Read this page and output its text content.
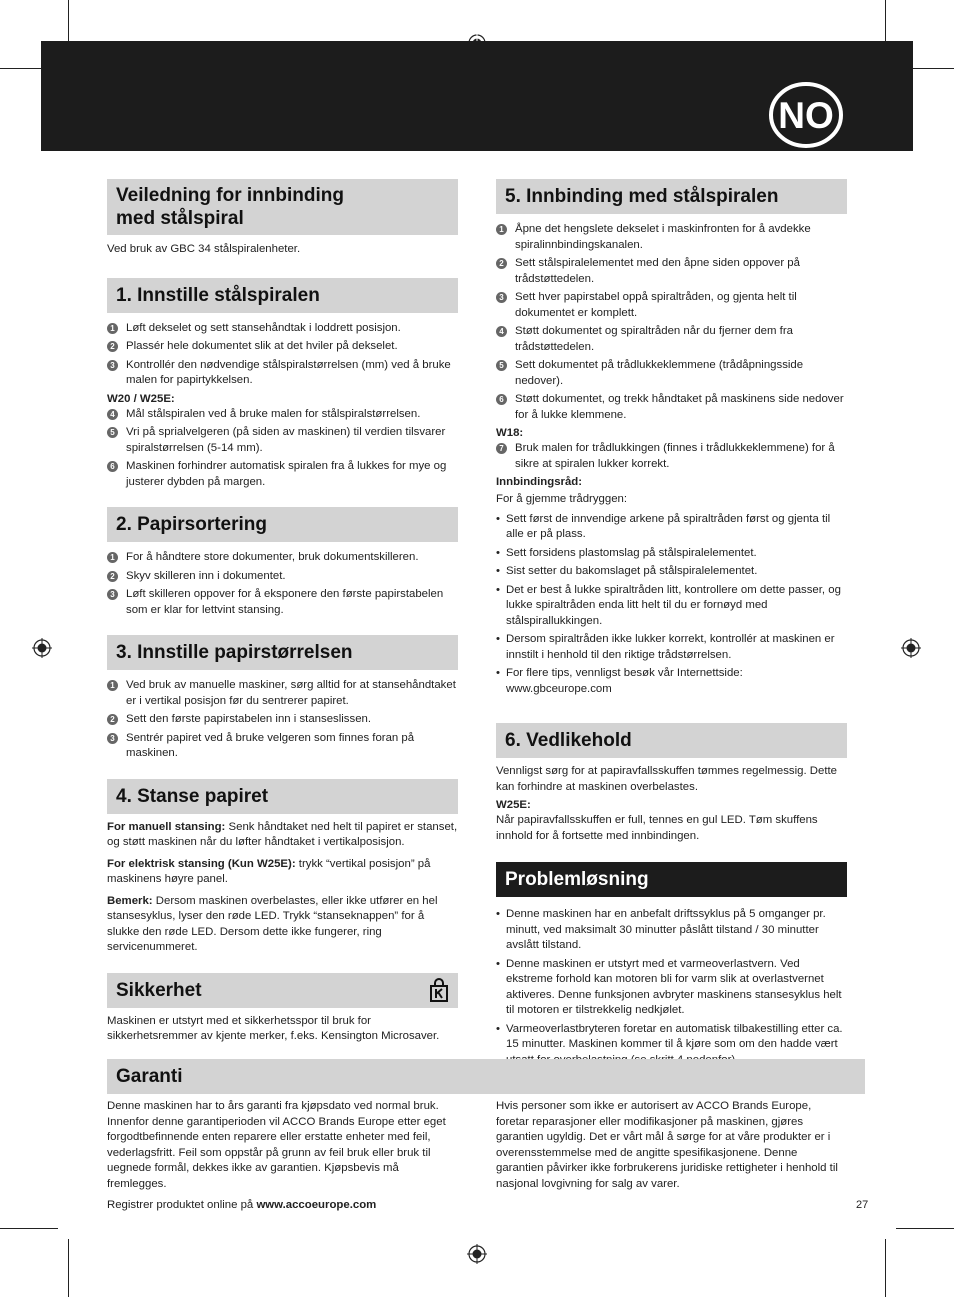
NO
Veiledning for innbinding
med stålspiral

Ved bruk av GBC 34 stålspiralenheter.

1. Innstille stålspiralen
1 Løft dekselet og sett stansehåndtak i loddrett posisjon.
2 Plassér hele dokumentet slik at det hviler på dekselet.
3 Kontrollér den nødvendige stålspiralstørrelsen (mm) ved å bruke malen for papirtykkelsen.
W20 / W25E:
4 Mål stålspiralen ved å bruke malen for stålspiralstørrelsen.
5 Vri på sprialvelgeren (på siden av maskinen) til verdien tilsvarer spiralstørrelsen (5-14 mm).
6 Maskinen forhindrer automatisk spiralen fra å lukkes for mye og justerer dybden på margen.
2. Papirsortering
1 For å håndtere store dokumenter, bruk dokumentskilleren.
2 Skyv skilleren inn i dokumentet.
3 Løft skilleren oppover for å eksponere den første papirstabelen som er klar for lettvint stansing.
3. Innstille papirstørrelsen
1 Ved bruk av manuelle maskiner, sørg alltid for at stansehåndtaket er i vertikal posisjon før du sentrerer papiret.
2 Sett den første papirstabelen inn i stanseslissen.
3 Sentrér papiret ved å bruke velgeren som finnes foran på maskinen.
4. Stanse papiret

For manuell stansing: Senk håndtaket ned helt til papiret er stanset, og støtt maskinen når du løfter håndtaket i vertikalposisjon.

For elektrisk stansing (Kun W25E): trykk “vertikal posisjon” på maskinens høyre panel.

Bemerk: Dersom maskinen overbelastes, eller ikke utfører en hel stansesyklus, lyser den røde LED. Trykk “stanseknappen” for å slukke den røde LED. Dersom dette ikke fungerer, ring servicenummeret.

Sikkerhet

Maskinen er utstyrt med et sikkerhetsspor til bruk for sikkerhetsremmer av kjente merker, f.eks. Kensington Microsaver.

5. Innbinding med stålspiralen
1 Åpne det hengslete dekselet i maskinfronten for å avdekke spiralinnbindingskanalen.
2 Sett stålspiralelementet med den åpne siden oppover på trådstøttedelen.
3 Sett hver papirstabel oppå spiraltråden, og gjenta helt til dokumentet er komplett.
4 Støtt dokumentet og spiraltråden når du fjerner dem fra trådstøttedelen.
5 Sett dokumentet på trådlukkeklemmene (trådåpningsside nedover).
6 Støtt dokumentet, og trekk håndtaket på maskinens side nedover for å lukke klemmene.
W18:
7 Bruk malen for trådlukkingen (finnes i trådlukkeklemmene) for å sikre at spiralen lukker korrekt.
Innbindingsråd:

For å gjemme trådryggen:

• Sett først de innvendige arkene på spiraltråden først og gjenta til alle er på plass.
• Sett forsidens plastomslag på stålspiralelementet.
• Sist setter du bakomslaget på stålspiralelementet.
• Det er best å lukke spiraltråden litt, kontrollere om dette passer, og lukke spiraltråden enda litt helt til du er fornøyd med stålspirallukkingen.
• Dersom spiraltråden ikke lukker korrekt, kontrollér at maskinen er innstilt i henhold til den riktige trådstørrelsen.
• For flere tips, vennligst besøk vår Internettside: www.gbceurope.com
6. Vedlikehold

Vennligst sørg for at papiravfallsskuffen tømmes regelmessig. Dette kan forhindre at maskinen overbelastes.

W25E:

Når papiravfallsskuffen er full, tennes en gul LED. Tøm skuffens innhold for å fortsette med innbindingen.

Problemløsning
• Denne maskinen har en anbefalt driftssyklus på 5 omganger pr. minutt, ved maksimalt 30 minutter påslått tilstand / 30 minutter avslått tilstand.
• Denne maskinen er utstyrt med et varmeoverlastvern. Ved ekstreme forhold kan motoren bli for varm slik at overlastvernet aktiveres. Denne funksjonen avbryter maskinens stansesyklus helt til motoren er tilstrekkelig nedkjølet.
• Varmeoverlastbryteren foretar en automatisk tilbakestilling etter ca. 15 minutter. Maskinen kommer til å kjøre som om den hadde vært
Garanti

Denne maskinen har to års garanti fra kjøpsdato ved normal bruk. Innenfor denne garantiperioden vil ACCO Brands Europe etter eget forgodtbefinnende enten reparere eller erstatte enheter med feil, vederlagsfritt. Feil som oppstår på grunn av feil bruk eller bruk til uegnede formål, dekkes ikke av garantien. Kjøpsbevis må fremlegges.

Registrer produktet online på www.accoeurope.com

Hvis personer som ikke er autorisert av ACCO Brands Europe, foretar reparasjoner eller modifikasjoner på maskinen, gjøres garantien ugyldig. Det er vårt mål å sørge for at våre produkter er i overensstemmelse med de angitte spesifikasjonene. Denne garantien påvirker ikke forbrukerens juridiske rettigheter i henhold til nasjonal lovgivning for salg av varer.

27
